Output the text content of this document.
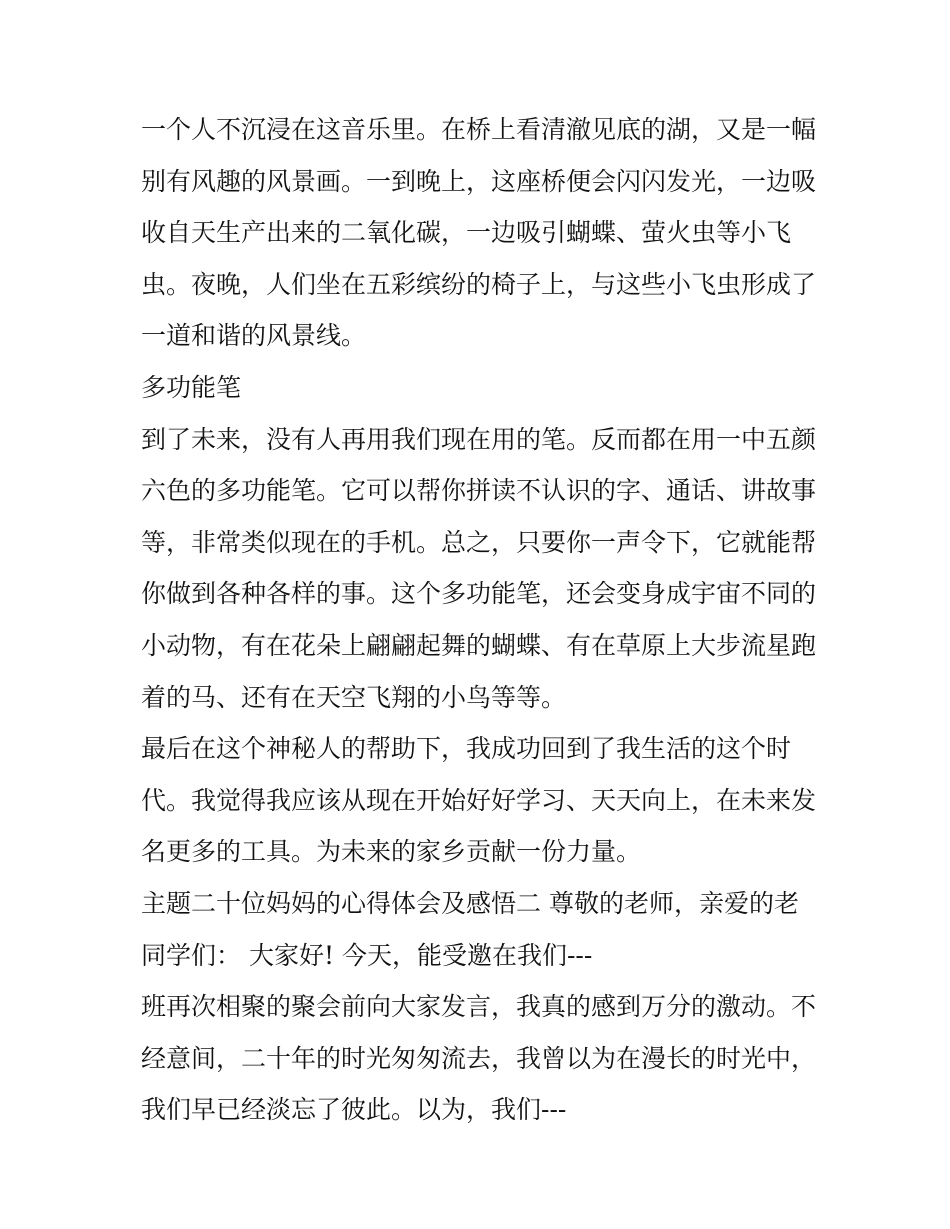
一个人不沉浸在这音乐里。在桥上看清澈见底的湖，又是一幅
别有风趣的风景画。一到晚上，这座桥便会闪闪发光，一边吸
收自天生产出来的二氧化碳，一边吸引蝴蝶、萤火虫等小飞
虫。夜晚，人们坐在五彩缤纷的椅子上，与这些小飞虫形成了
一道和谐的风景线。
多功能笔
到了未来，没有人再用我们现在用的笔。反而都在用一中五颜
六色的多功能笔。它可以帮你拼读不认识的字、通话、讲故事
等，非常类似现在的手机。总之，只要你一声令下，它就能帮
你做到各种各样的事。这个多功能笔，还会变身成宇宙不同的
小动物，有在花朵上翩翩起舞的蝴蝶、有在草原上大步流星跑
着的马、还有在天空飞翔的小鸟等等。
最后在这个神秘人的帮助下，我成功回到了我生活的这个时
代。我觉得我应该从现在开始好好学习、天天向上，在未来发
名更多的工具。为未来的家乡贡献一份力量。
主题二十位妈妈的心得体会及感悟二 尊敬的老师，亲爱的老
同学们： 大家好! 今天，能受邀在我们---
班再次相聚的聚会前向大家发言，我真的感到万分的激动。不
经意间，二十年的时光匆匆流去，我曾以为在漫长的时光中，
我们早已经淡忘了彼此。以为，我们---
